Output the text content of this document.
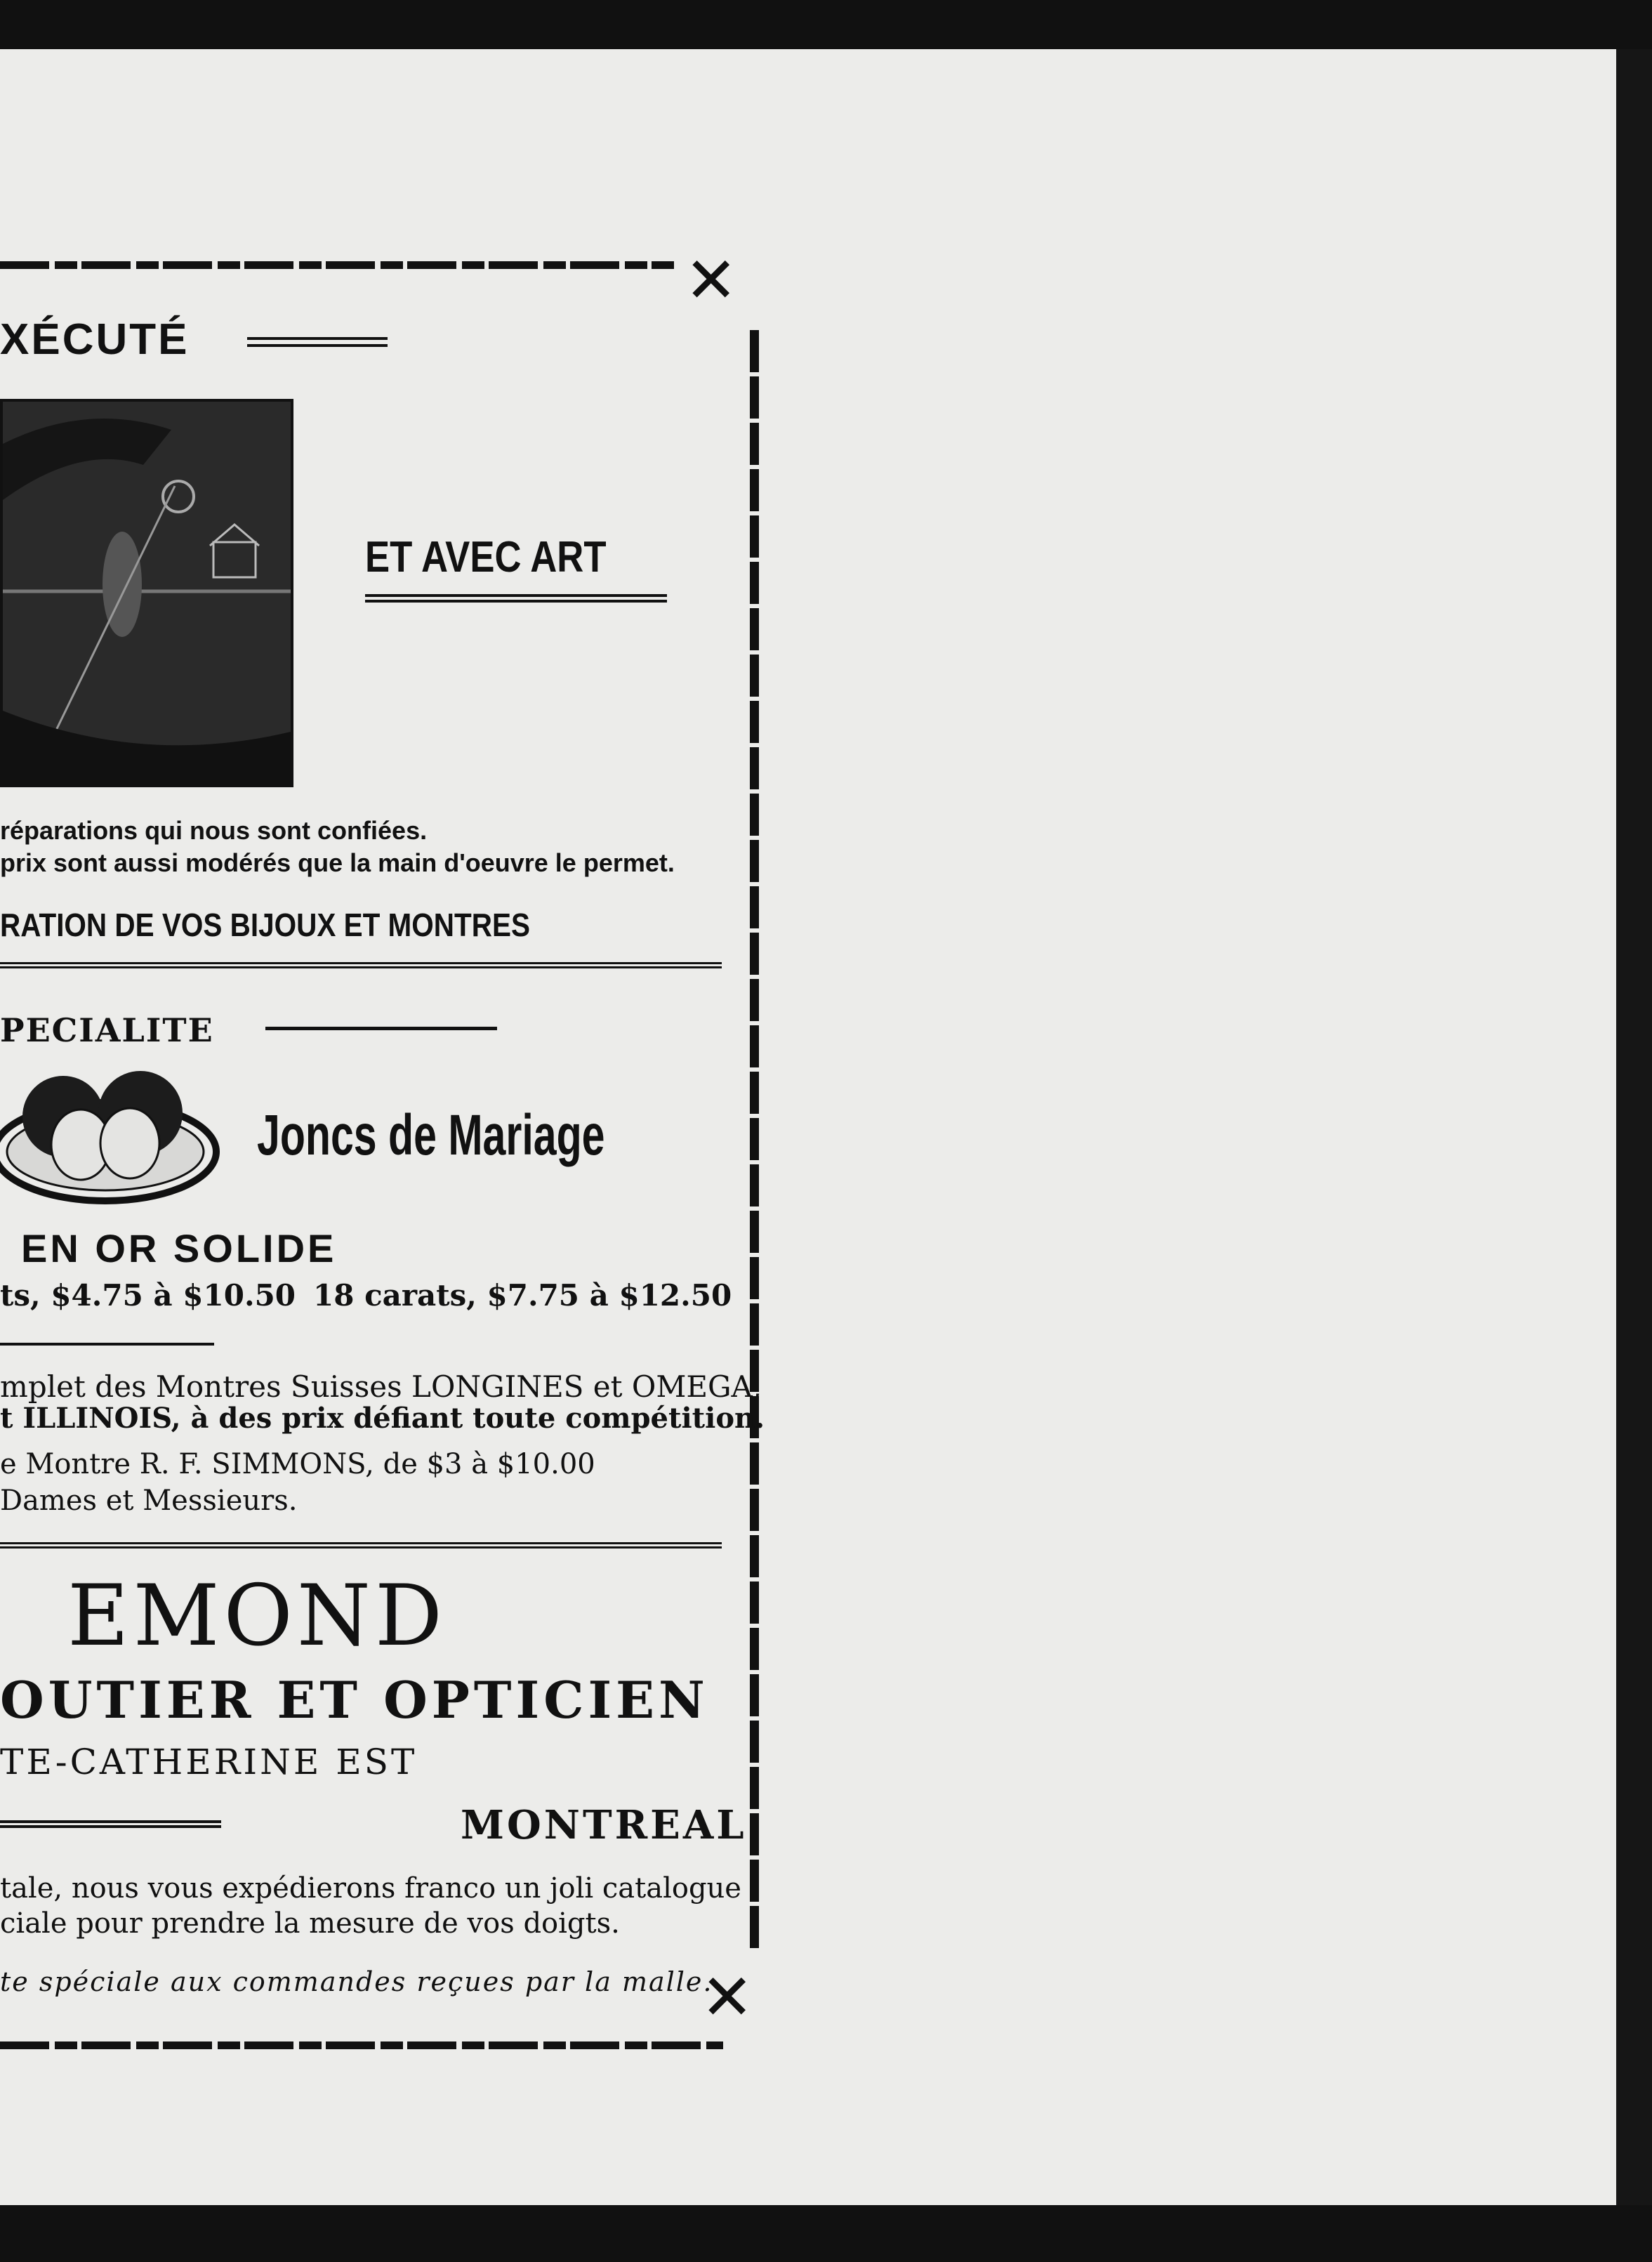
✕
✕
XÉCUTÉ
ET AVEC ART
réparations qui nous sont confiées.
prix sont aussi modérés que la main d'oeuvre le permet.
RATION DE VOS BIJOUX ET MONTRES
PECIALITE
Joncs de Mariage
EN OR SOLIDE
ts, $4.75 à $10.50 18 carats, $7.75 à $12.50
mplet des Montres Suisses LONGINES et OMEGA,
t ILLINOIS, à des prix défiant toute compétition.
e Montre R. F. SIMMONS, de $3 à $10.00
Dames et Messieurs.
EMOND
OUTIER ET OPTICIEN
TE-CATHERINE EST
MONTREAL
tale, nous vous expédierons franco un joli catalogue
ciale pour prendre la mesure de vos doigts.
te spéciale aux commandes reçues par la malle.
